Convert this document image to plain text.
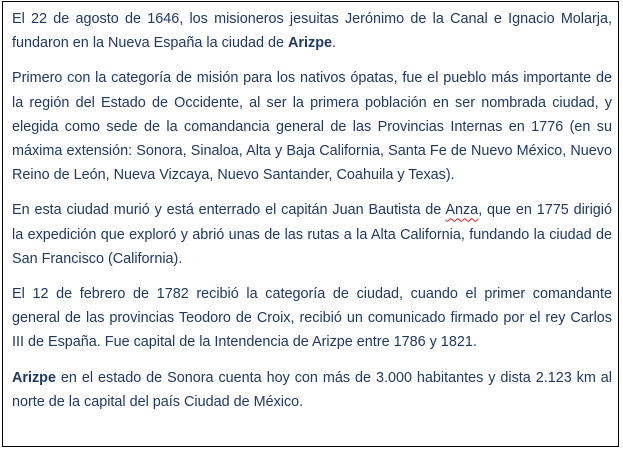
El 22 de agosto de 1646, los misioneros jesuitas Jerónimo de la Canal e Ignacio Molarja, fundaron en la Nueva España la ciudad de Arizpe.

Primero con la categoría de misión para los nativos ópatas, fue el pueblo más importante de la región del Estado de Occidente, al ser la primera población en ser nombrada ciudad, y elegida como sede de la comandancia general de las Provincias Internas en 1776 (en su máxima extensión: Sonora, Sinaloa, Alta y Baja California, Santa Fe de Nuevo México, Nuevo Reino de León, Nueva Vizcaya, Nuevo Santander, Coahuila y Texas).

En esta ciudad murió y está enterrado el capitán Juan Bautista de Anza, que en 1775 dirigió la expedición que exploró y abrió unas de las rutas a la Alta California, fundando la ciudad de San Francisco (California).

El 12 de febrero de 1782 recibió la categoría de ciudad, cuando el primer comandante general de las provincias Teodoro de Croix, recibió un comunicado firmado por el rey Carlos III de España. Fue capital de la Intendencia de Arizpe entre 1786 y 1821.

Arizpe en el estado de Sonora cuenta hoy con más de 3.000 habitantes y dista 2.123 km al norte de la capital del país Ciudad de México.
